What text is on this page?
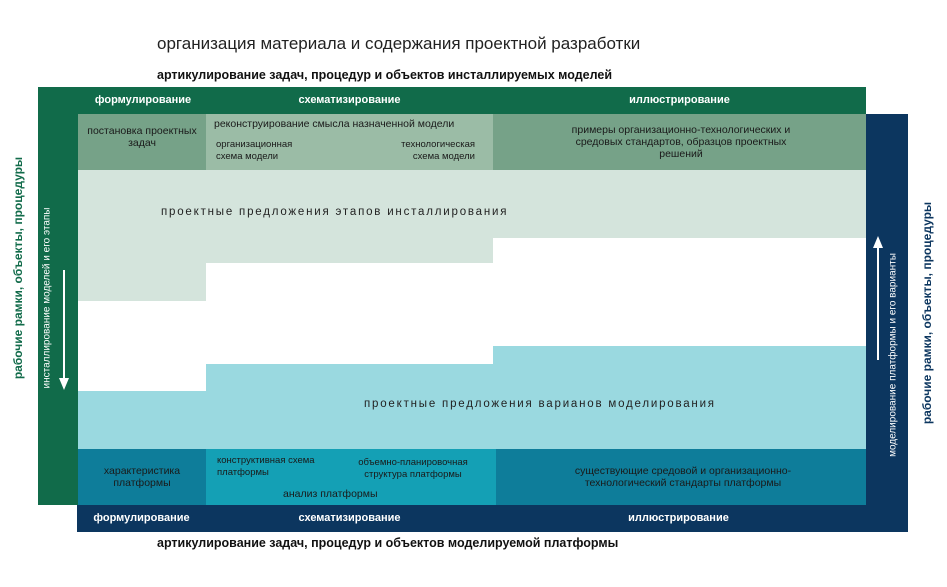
организация материала и содержания проектной разработки
артикулирование задач, процедур и объектов инсталлируемых моделей
артикулирование задач, процедур и объектов моделируемой платформы
формулирование	схематизирование	иллюстрирование
формулирование	схематизирование	иллюстрирование
рабочие рамки, объекты, процедуры	рабочие рамки, объекты, процедуры
инсталлирование моделей и его этапы	моделирование платформы и его варианты
постановка проектных задач
реконструирование смысла назначенной модели
организационная схема модели
технологическая схема модели
примеры организационно-технологических и средовых стандартов, образцов проектных решений
проектные предложения этапов инсталлирования
проектные предложения варианов моделирования
характеристика платформы
конструктивная схема платформы
объемно-планировочная структура платформы
анализ платформы
существующие средовой и организационно-технологический стандарты платформы
